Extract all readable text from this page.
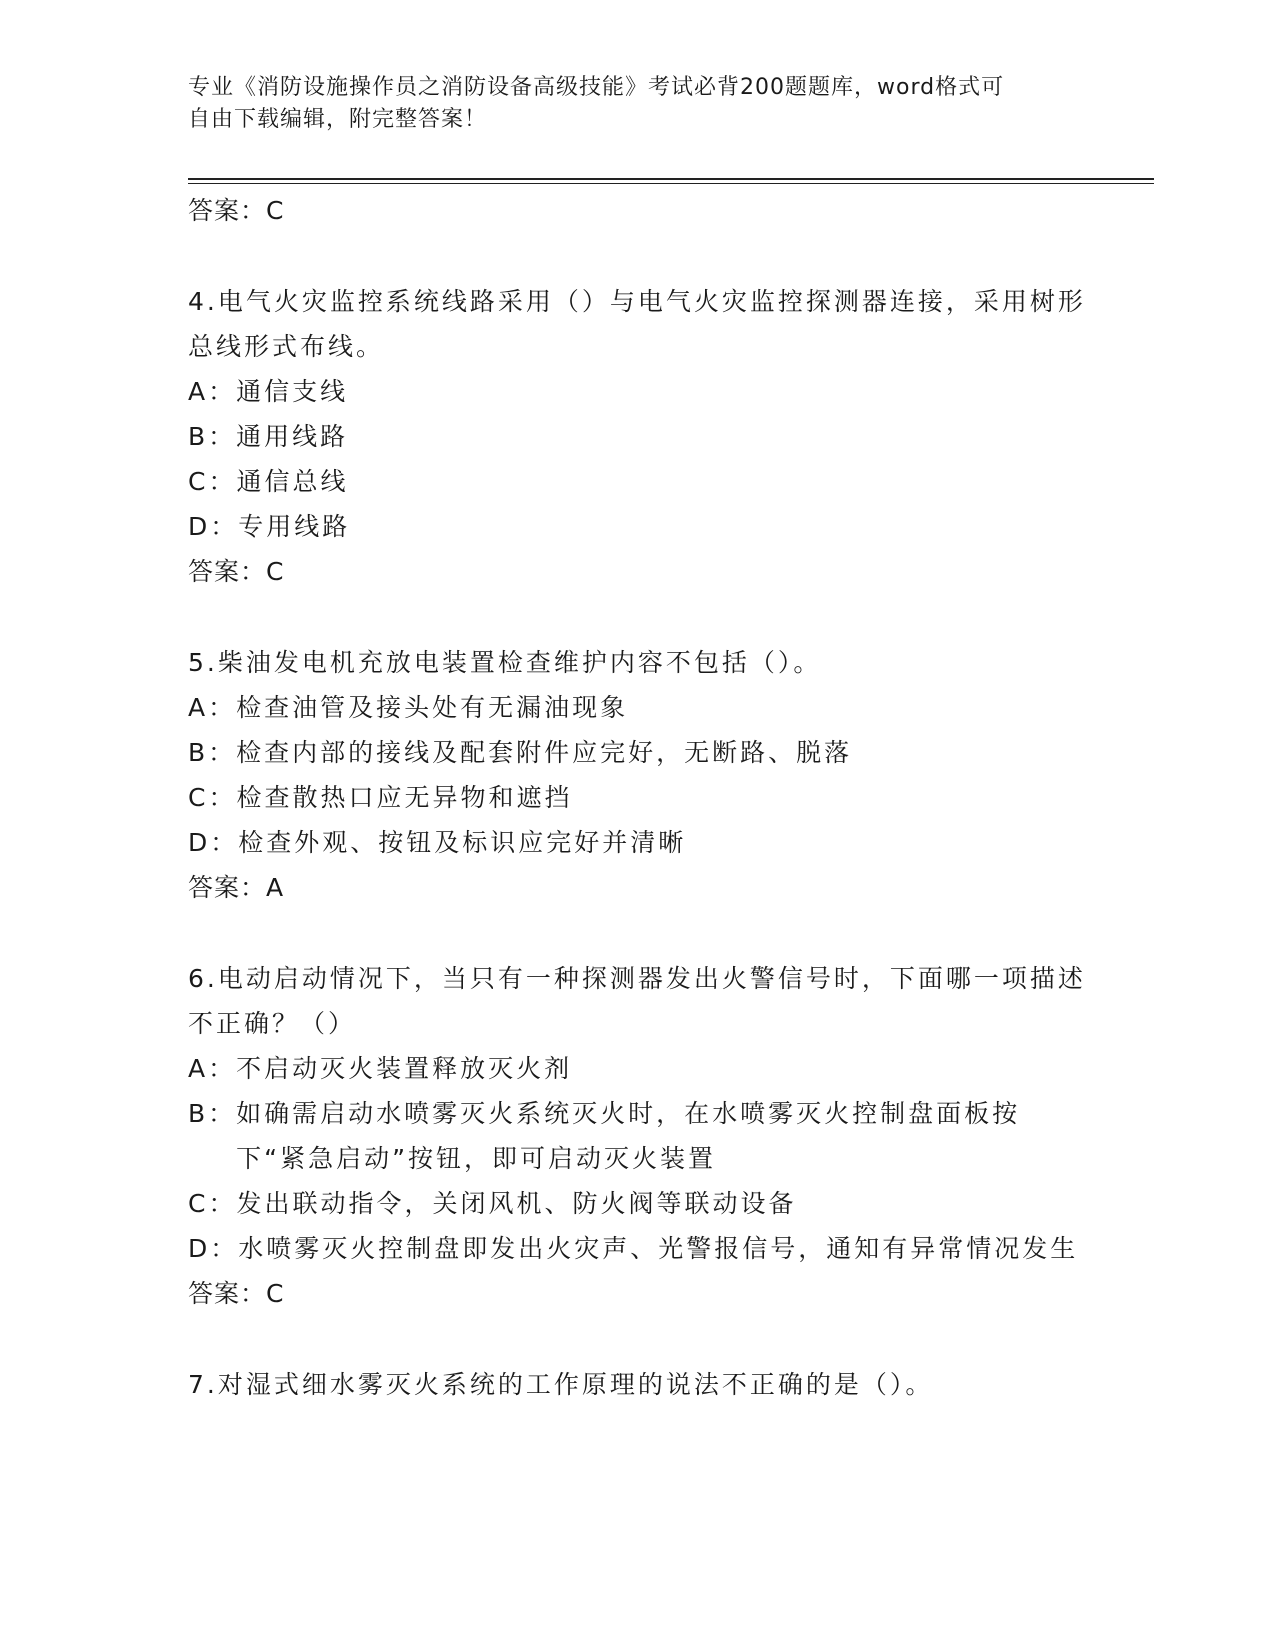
专业《消防设施操作员之消防设备高级技能》考试必背200题题库，word格式可
自由下载编辑，附完整答案！

答案：C

4.电气火灾监控系统线路采用（）与电气火灾监控探测器连接，采用树形总线形式布线。

A： 通信支线
B： 通用线路
C： 通信总线
D： 专用线路

答案：C

5.柴油发电机充放电装置检查维护内容不包括（）。

A： 检查油管及接头处有无漏油现象
B： 检查内部的接线及配套附件应完好，无断路、脱落
C： 检查散热口应无异物和遮挡
D： 检查外观、按钮及标识应完好并清晰

答案：A

6.电动启动情况下，当只有一种探测器发出火警信号时，下面哪一项描述不正确？（）

A： 不启动灭火装置释放灭火剂
B： 如确需启动水喷雾灭火系统灭火时，在水喷雾灭火控制盘面板按下“紧急启动”按钮，即可启动灭火装置
C： 发出联动指令，关闭风机、防火阀等联动设备
D： 水喷雾灭火控制盘即发出火灾声、光警报信号，通知有异常情况发生

答案：C

7.对湿式细水雾灭火系统的工作原理的说法不正确的是（）。
